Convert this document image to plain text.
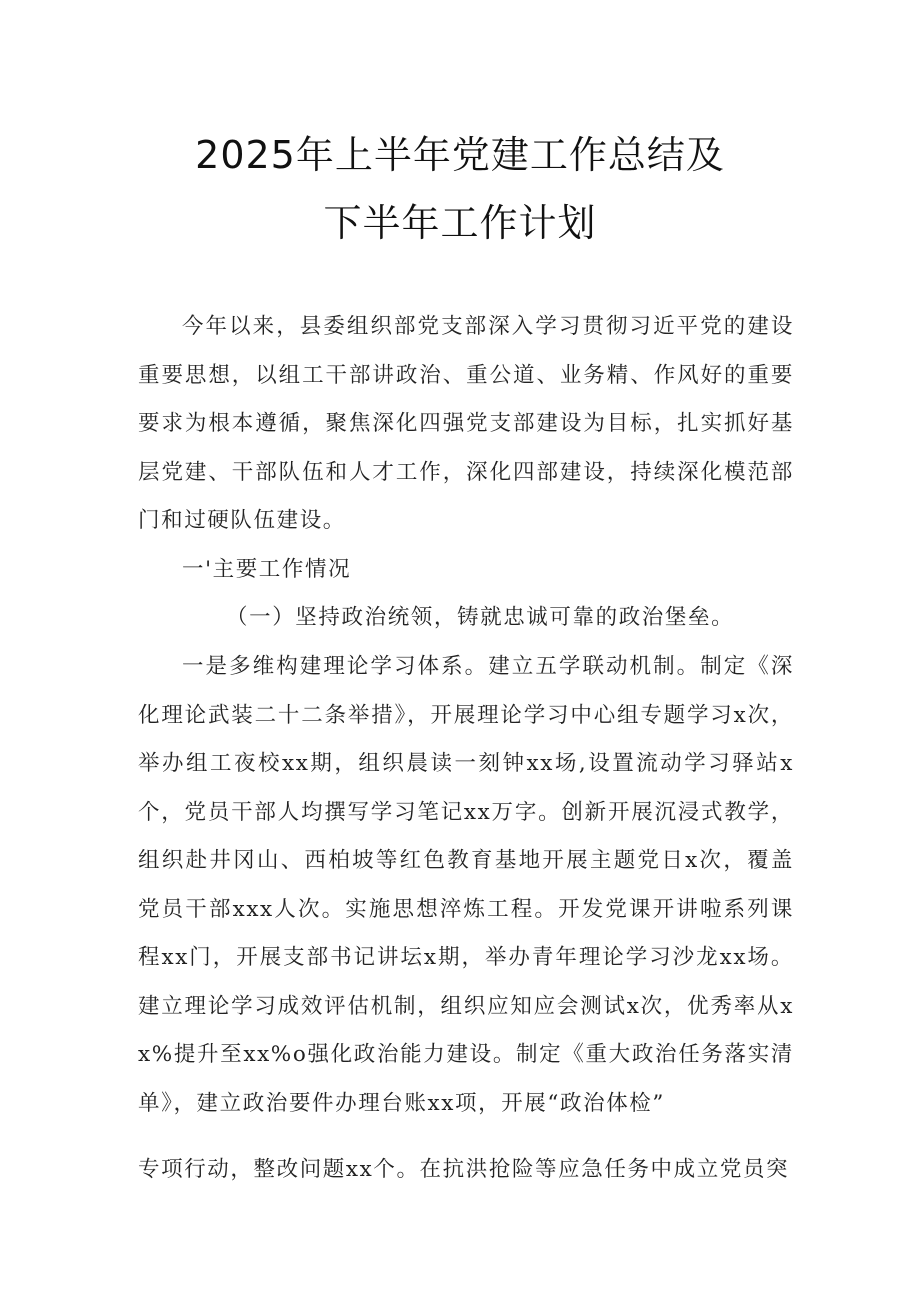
2025年上半年党建工作总结及
下半年工作计划

今年以来，县委组织部党支部深入学习贯彻习近平党的建设重要思想，以组工干部讲政治、重公道、业务精、作风好的重要要求为根本遵循，聚焦深化四强党支部建设为目标，扎实抓好基层党建、干部队伍和人才工作，深化四部建设，持续深化模范部门和过硬队伍建设。

一'主要工作情况

（一）坚持政治统领，铸就忠诚可靠的政治堡垒。

一是多维构建理论学习体系。建立五学联动机制。制定《深化理论武装二十二条举措》，开展理论学习中心组专题学习x次，举办组工夜校xx期，组织晨读一刻钟xx场,设置流动学习驿站x个，党员干部人均撰写学习笔记xx万字。创新开展沉浸式教学，组织赴井冈山、西柏坡等红色教育基地开展主题党日x次，覆盖党员干部xxx人次。实施思想淬炼工程。开发党课开讲啦系列课程xx门，开展支部书记讲坛x期，举办青年理论学习沙龙xx场。建立理论学习成效评估机制，组织应知应会测试x次，优秀率从xx%提升至xx%o强化政治能力建设。制定《重大政治任务落实清单》，建立政治要件办理台账xx项，开展“政治体检”

专项行动，整改问题xx个。在抗洪抢险等应急任务中成立党员突
